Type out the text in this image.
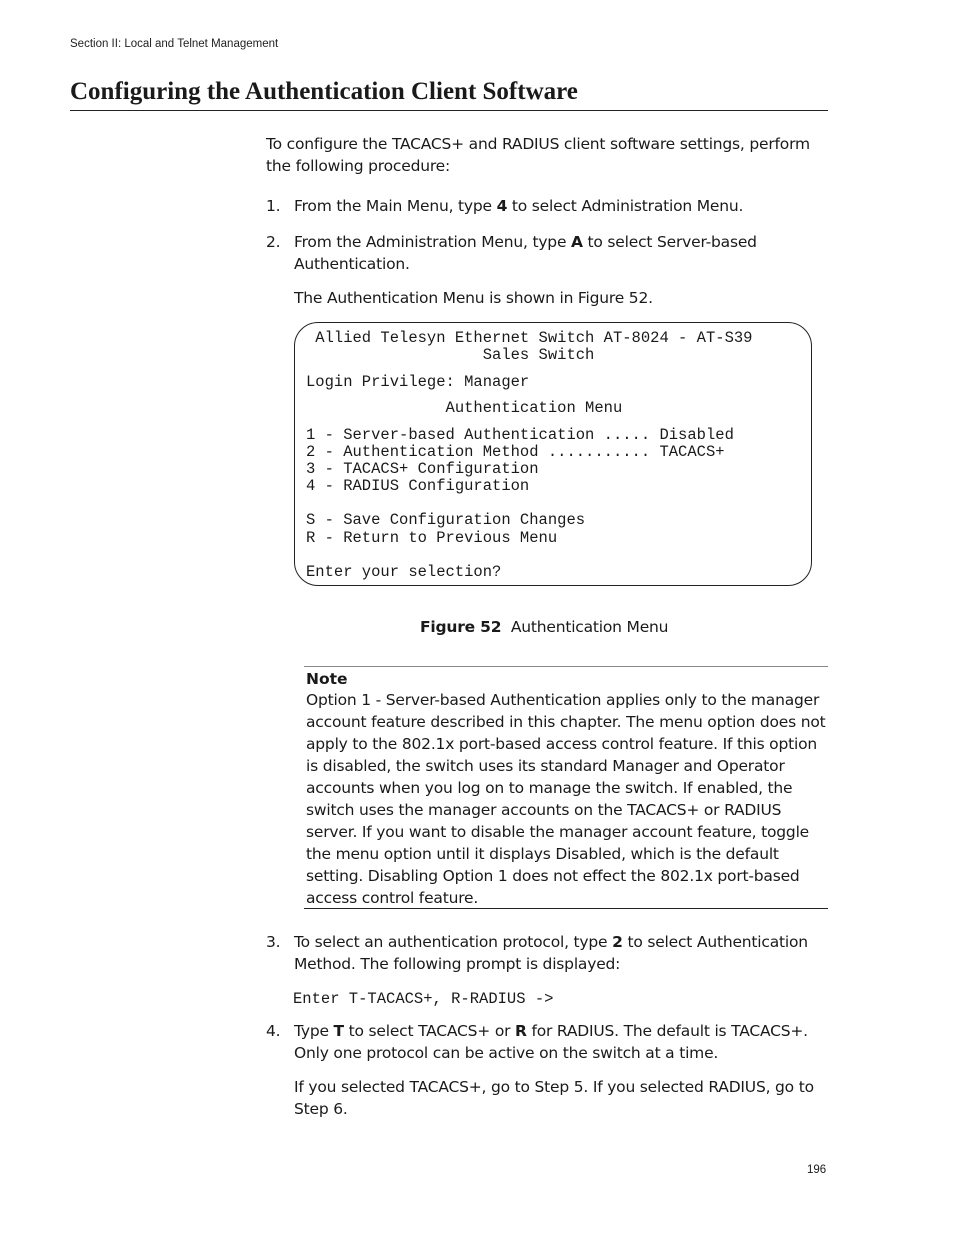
Section II: Local and Telnet Management
Configuring the Authentication Client Software

To configure the TACACS+ and RADIUS client software settings, perform the following procedure:

1. From the Main Menu, type 4 to select Administration Menu.
2. From the Administration Menu, type A to select Server-based Authentication.

The Authentication Menu is shown in Figure 52.

Allied Telesyn Ethernet Switch AT-8024 - AT-S39
Sales Switch
Login Privilege: Manager
Authentication Menu
1 - Server-based Authentication ..... Disabled
2 - Authentication Method ........... TACACS+
3 - TACACS+ Configuration
4 - RADIUS Configuration
S - Save Configuration Changes
R - Return to Previous Menu
Enter your selection?
Figure 52 Authentication Menu
Note

Option 1 - Server-based Authentication applies only to the manager account feature described in this chapter. The menu option does not apply to the 802.1x port-based access control feature. If this option is disabled, the switch uses its standard Manager and Operator accounts when you log on to manage the switch. If enabled, the switch uses the manager accounts on the TACACS+ or RADIUS server. If you want to disable the manager account feature, toggle the menu option until it displays Disabled, which is the default setting. Disabling Option 1 does not effect the 802.1x port-based access control feature.

3. To select an authentication protocol, type 2 to select Authentication Method. The following prompt is displayed:
Enter T-TACACS+, R-RADIUS ->
4. Type T to select TACACS+ or R for RADIUS. The default is TACACS+. Only one protocol can be active on the switch at a time.

If you selected TACACS+, go to Step 5. If you selected RADIUS, go to Step 6.

196
